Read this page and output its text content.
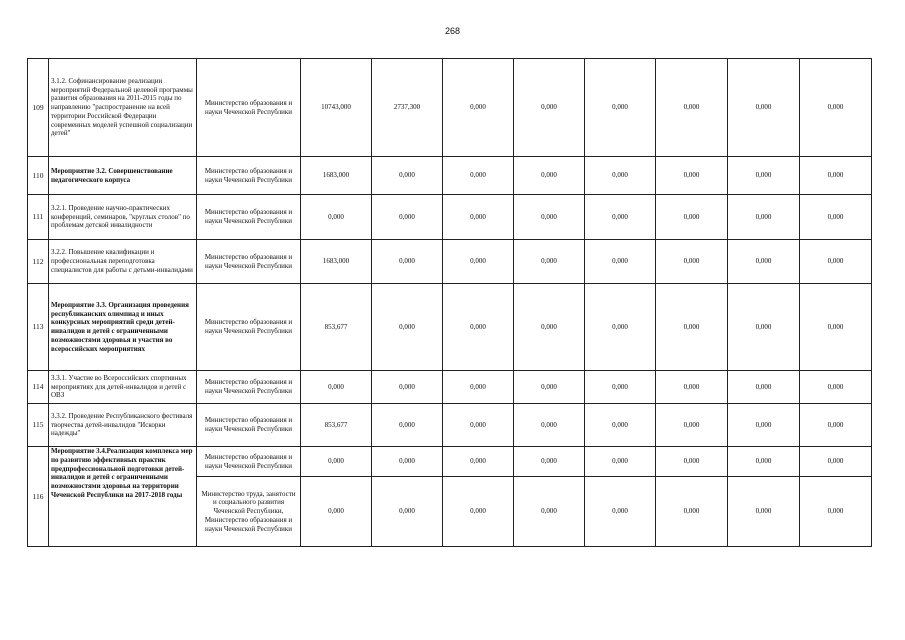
268
109	3.1.2. Софинансирование реализации мероприятий Федеральной целевой программы развития образования на 2011-2015 годы по направлению "распространение на всей территории Российской Федерации современных моделей успешной социализации детей"	Министерство образования и науки Чеченской Республики	10743,000	2737,300	0,000	0,000	0,000	0,000	0,000	0,000
110	Мероприятие 3.2. Совершенствование педагогического корпуса	Министерство образования и науки Чеченской Республики	1683,000	0,000	0,000	0,000	0,000	0,000	0,000	0,000
111	3.2.1. Проведение научно-практических конференций, семинаров, "круглых столов" по проблемам детской инвалидности	Министерство образования и науки Чеченской Республики	0,000	0,000	0,000	0,000	0,000	0,000	0,000	0,000
112	3.2.2. Повышение квалификации и профессиональная переподготовка специалистов для работы с детьми-инвалидами	Министерство образования и науки Чеченской Республики	1683,000	0,000	0,000	0,000	0,000	0,000	0,000	0,000
113	Мероприятие 3.3. Организация проведения республиканских олимпиад и иных конкурсных мероприятий среди детей-инвалидов и детей с ограниченными возможностями здоровья и участия во всероссийских мероприятиях	Министерство образования и науки Чеченской Республики	853,677	0,000	0,000	0,000	0,000	0,000	0,000	0,000
114	3.3.1. Участие во Всероссийских спортивных мероприятиях для детей-инвалидов и детей с ОВЗ	Министерство образования и науки Чеченской Республики	0,000	0,000	0,000	0,000	0,000	0,000	0,000	0,000
115	3.3.2. Проведение Республиканского фестиваля творчества детей-инвалидов "Искорки надежды"	Министерство образования и науки Чеченской Республики	853,677	0,000	0,000	0,000	0,000	0,000	0,000	0,000
116	Мероприятие 3.4.Реализация комплекса мер по развитию эффективных практик предпрофессиональной подготовки детей-инвалидов и детей с ограниченными возможностями здоровья на территории Чеченской Республики на 2017-2018 годы	Министерство образования и науки Чеченской Республики	0,000	0,000	0,000	0,000	0,000	0,000	0,000	0,000
		Министерство труда, занятости и социального развития Чеченской Республики, Министерство образования и науки Чеченской Республики	0,000	0,000	0,000	0,000	0,000	0,000	0,000	0,000
